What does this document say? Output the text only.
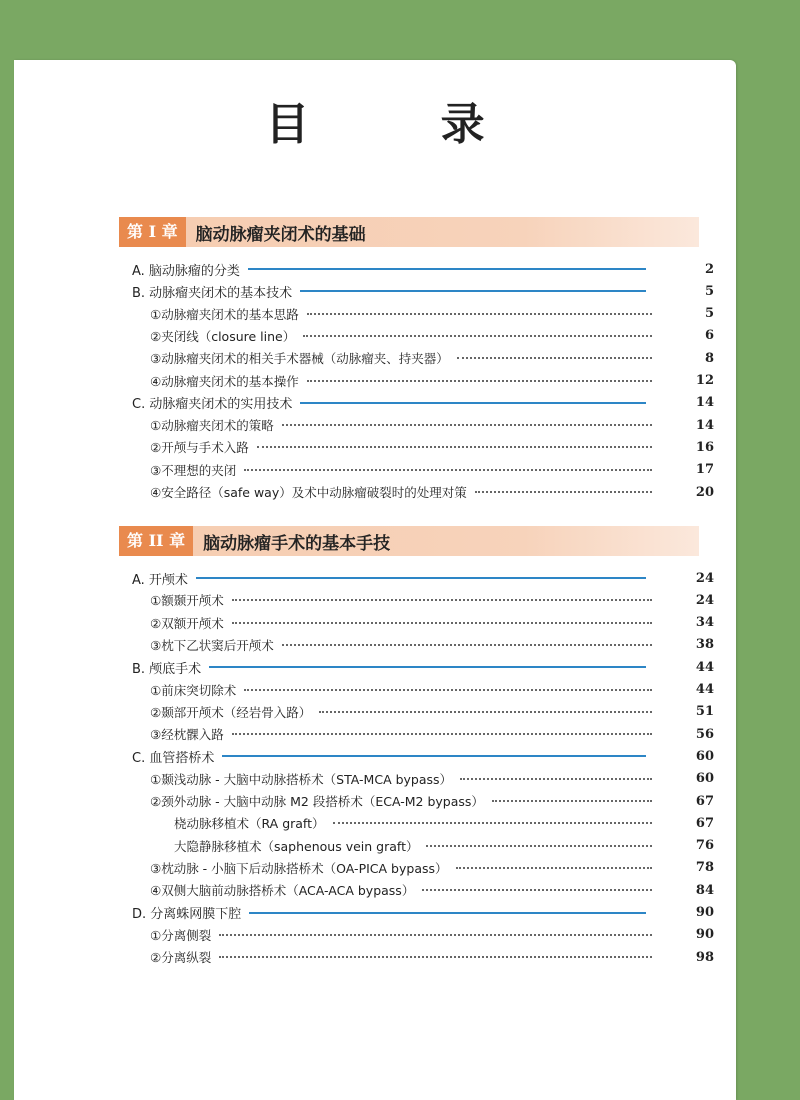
目 录
第 I 章	脑动脉瘤夹闭术的基础
A. 脑动脉瘤的分类	2
B. 动脉瘤夹闭术的基本技术	5
①动脉瘤夹闭术的基本思路	5
②夹闭线（closure line）	6
③动脉瘤夹闭术的相关手术器械（动脉瘤夹、持夹器）	8
④动脉瘤夹闭术的基本操作	12
C. 动脉瘤夹闭术的实用技术	14
①动脉瘤夹闭术的策略	14
②开颅与手术入路	16
③不理想的夹闭	17
④安全路径（safe way）及术中动脉瘤破裂时的处理对策	20
第 II 章	脑动脉瘤手术的基本手技
A. 开颅术	24
①额颞开颅术	24
②双额开颅术	34
③枕下乙状窦后开颅术	38
B. 颅底手术	44
①前床突切除术	44
②颞部开颅术（经岩骨入路）	51
③经枕髁入路	56
C. 血管搭桥术	60
①颞浅动脉 - 大脑中动脉搭桥术（STA-MCA bypass）	60
②颈外动脉 - 大脑中动脉 M2 段搭桥术（ECA-M2 bypass）	67
桡动脉移植术（RA graft）	67
大隐静脉移植术（saphenous vein graft）	76
③枕动脉 - 小脑下后动脉搭桥术（OA-PICA bypass）	78
④双侧大脑前动脉搭桥术（ACA-ACA bypass）	84
D. 分离蛛网膜下腔	90
①分离侧裂	90
②分离纵裂	98
